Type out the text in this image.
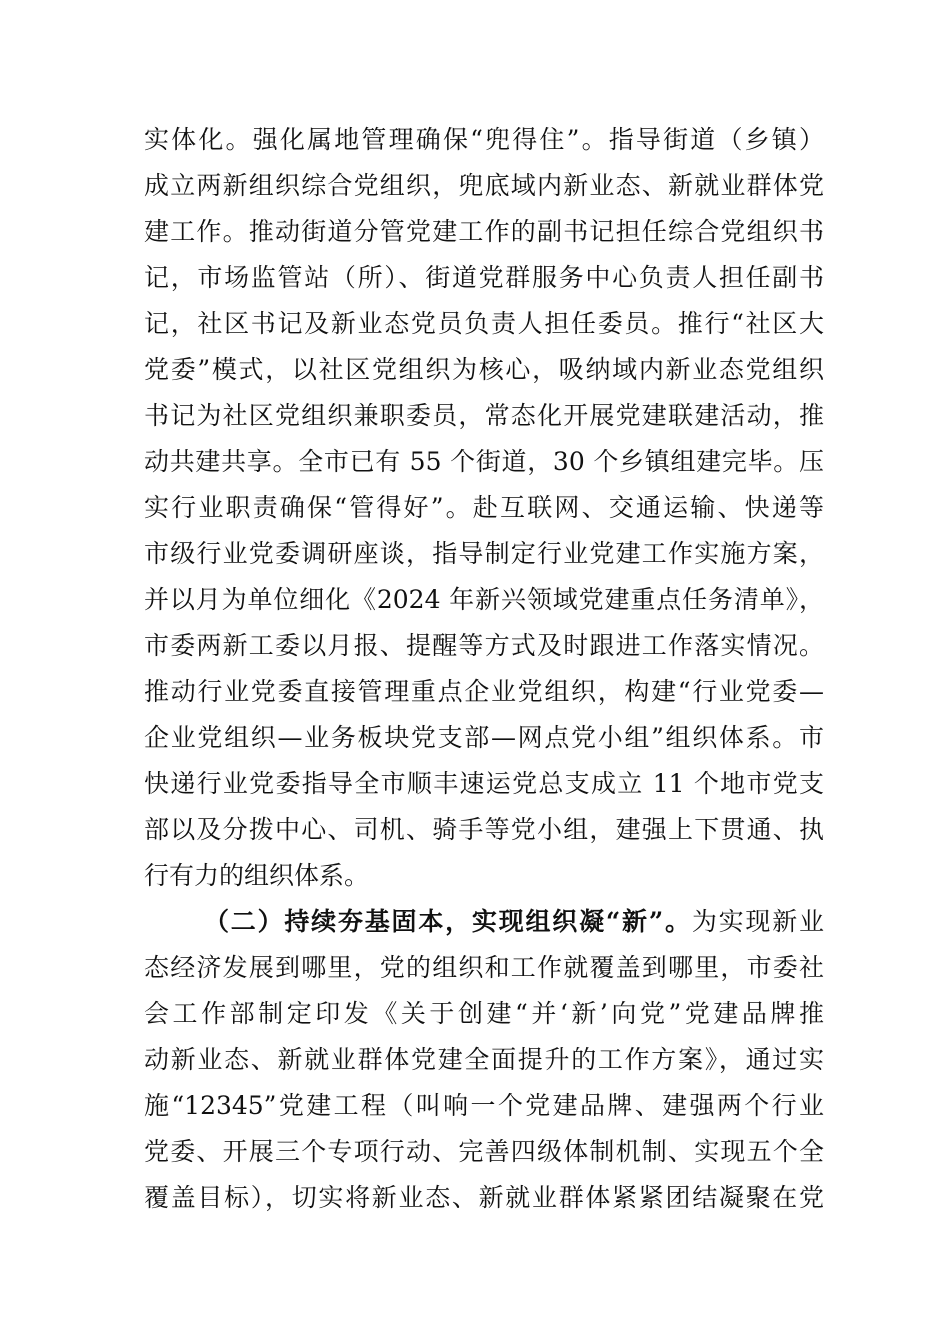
实体化。强化属地管理确保“兜得住”。指导街道（乡镇）
成立两新组织综合党组织，兜底域内新业态、新就业群体党
建工作。推动街道分管党建工作的副书记担任综合党组织书
记，市场监管站（所）、街道党群服务中心负责人担任副书
记，社区书记及新业态党员负责人担任委员。推行“社区大
党委”模式，以社区党组织为核心，吸纳域内新业态党组织
书记为社区党组织兼职委员，常态化开展党建联建活动，推
动共建共享。全市已有 55 个街道，30 个乡镇组建完毕。压
实行业职责确保“管得好”。赴互联网、交通运输、快递等
市级行业党委调研座谈，指导制定行业党建工作实施方案，
并以月为单位细化《2024 年新兴领域党建重点任务清单》，
市委两新工委以月报、提醒等方式及时跟进工作落实情况。
推动行业党委直接管理重点企业党组织，构建“行业党委—
企业党组织—业务板块党支部—网点党小组”组织体系。市
快递行业党委指导全市顺丰速运党总支成立 11 个地市党支
部以及分拨中心、司机、骑手等党小组，建强上下贯通、执
行有力的组织体系。
（二）持续夯基固本，实现组织凝“新”。为实现新业
态经济发展到哪里，党的组织和工作就覆盖到哪里，市委社
会工作部制定印发《关于创建“并‘新’向党”党建品牌推
动新业态、新就业群体党建全面提升的工作方案》，通过实
施“12345”党建工程（叫响一个党建品牌、建强两个行业
党委、开展三个专项行动、完善四级体制机制、实现五个全
覆盖目标），切实将新业态、新就业群体紧紧团结凝聚在党
